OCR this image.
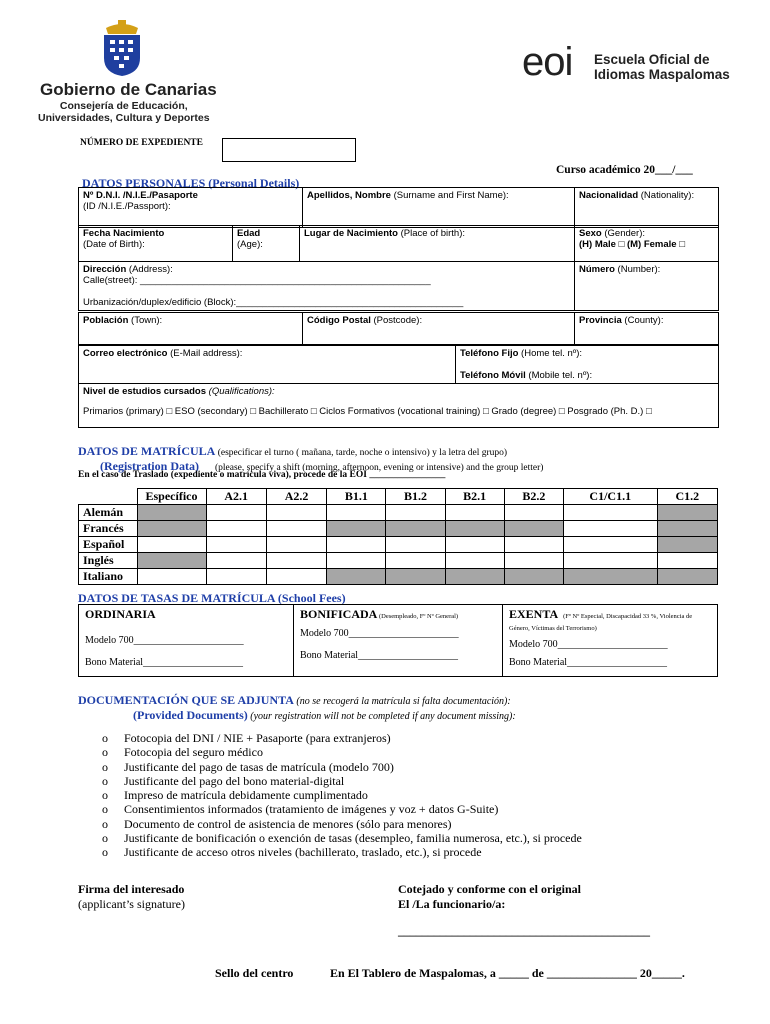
Gobierno de Canarias
Consejería de Educación,
Universidades, Cultura y Deportes
eoi Escuela Oficial de
Idiomas Maspalomas
NÚMERO DE EXPEDIENTE
Curso académico 20___/___
DATOS PERSONALES (Personal Details)
Nº D.N.I. /N.I.E./Pasaporte
(ID /N.I.E./Passport):	Apellidos, Nombre (Surname and First Name):	Nacionalidad (Nationality):
Fecha Nacimiento
(Date of Birth):	Edad
(Age):	Lugar de Nacimiento (Place of birth):	Sexo (Gender):
(H) Male □ (M) Female □
Dirección (Address):
Calle(street): _______________________________________________________

Urbanización/duplex/edificio (Block):___________________________________________			Número (Number):
Población (Town):	Código Postal (Postcode):	Provincia (County):
Correo electrónico (E-Mail address):	Teléfono Fijo (Home tel. nº):

Teléfono Móvil (Mobile tel. nº):
Nivel de estudios cursados (Qualifications):

Primarios (primary) □ ESO (secondary) □ Bachillerato □ Ciclos Formativos (vocational training) □ Grado (degree) □ Posgrado (Ph. D.) □
DATOS DE MATRÍCULA (especificar el turno ( mañana, tarde, noche o intensivo) y la letra del grupo)
(Registration Data) (please, specify a shift (morning, afternoon, evening or intensive) and the group letter)
En el caso de Traslado (expediente o matrícula viva), procede de la EOI ________________
	Específico	A2.1	A2.2	B1.1	B1.2	B2.1	B2.2	C1/C1.1	C1.2
Alemán									
Francés									
Español									
Inglés									
Italiano									
DATOS DE TASAS DE MATRÍCULA (School Fees)
ORDINARIA

Modelo 700______________________

Bono Material____________________
	BONIFICADA (Desempleado, Fº Nº General)

Modelo 700______________________

Bono Material____________________
	EXENTA (Fº Nº Especial, Discapacidad 33 %, Violencia de Género, Víctimas del Terrorismo)

Modelo 700______________________

Bono Material____________________
DOCUMENTACIÓN QUE SE ADJUNTA (no se recogerá la matrícula si falta documentación):
(Provided Documents) (your registration will not be completed if any document missing):
o Fotocopia del DNI / NIE + Pasaporte (para extranjeros)
o Fotocopia del seguro médico
o Justificante del pago de tasas de matrícula (modelo 700)
o Justificante del pago del bono material-digital
o Impreso de matrícula debidamente cumplimentado
o Consentimientos informados (tratamiento de imágenes y voz + datos G-Suite)
o Documento de control de asistencia de menores (sólo para menores)
o Justificante de bonificación o exención de tasas (desempleo, familia numerosa, etc.), si procede
o Justificante de acceso otros niveles (bachillerato, traslado, etc.), si procede
Firma del interesado
(applicant’s signature)
Cotejado y conforme con el original
El /La funcionario/a:
__________________________________________
Sello del centro	En El Tablero de Maspalomas, a _____ de _______________ 20_____.
